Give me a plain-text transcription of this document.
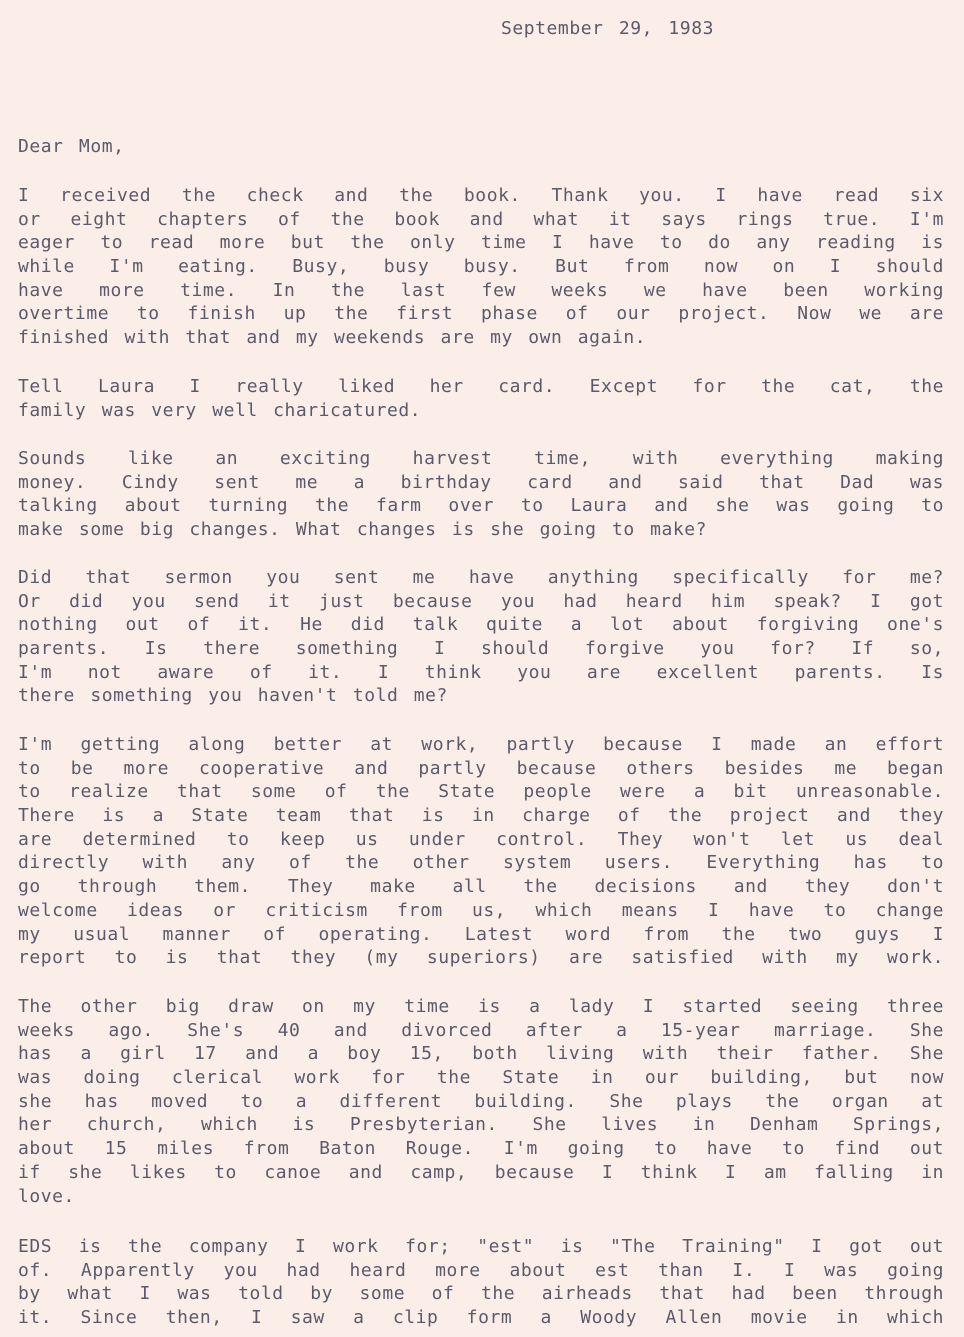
September 29, 1983
Dear Mom,
I received the check and the book. Thank you. I have read six
or eight chapters of the book and what it says rings true. I'm
eager to read more but the only time I have to do any reading is
while I'm eating. Busy, busy busy. But from now on I should
have more time. In the last few weeks we have been working
overtime to finish up the first phase of our project. Now we are
finished with that and my weekends are my own again.
Tell Laura I really liked her card. Except for the cat, the
family was very well charicatured.
Sounds like an exciting harvest time, with everything making
money. Cindy sent me a birthday card and said that Dad was
talking about turning the farm over to Laura and she was going to
make some big changes. What changes is she going to make?
Did that sermon you sent me have anything specifically for me?
Or did you send it just because you had heard him speak? I got
nothing out of it. He did talk quite a lot about forgiving one's
parents. Is there something I should forgive you for? If so,
I'm not aware of it. I think you are excellent parents. Is
there something you haven't told me?
I'm getting along better at work, partly because I made an effort
to be more cooperative and partly because others besides me began
to realize that some of the State people were a bit unreasonable.
There is a State team that is in charge of the project and they
are determined to keep us under control. They won't let us deal
directly with any of the other system users. Everything has to
go through them. They make all the decisions and they don't
welcome ideas or criticism from us, which means I have to change
my usual manner of operating. Latest word from the two guys I
report to is that they (my superiors) are satisfied with my work.
The other big draw on my time is a lady I started seeing three
weeks ago. She's 40 and divorced after a 15-year marriage. She
has a girl 17 and a boy 15, both living with their father. She
was doing clerical work for the State in our building, but now
she has moved to a different building. She plays the organ at
her church, which is Presbyterian. She lives in Denham Springs,
about 15 miles from Baton Rouge. I'm going to have to find out
if she likes to canoe and camp, because I think I am falling in
love.
EDS is the company I work for; "est" is "The Training" I got out
of. Apparently you had heard more about est than I. I was going
by what I was told by some of the airheads that had been through
it. Since then, I saw a clip form a Woody Allen movie in which
